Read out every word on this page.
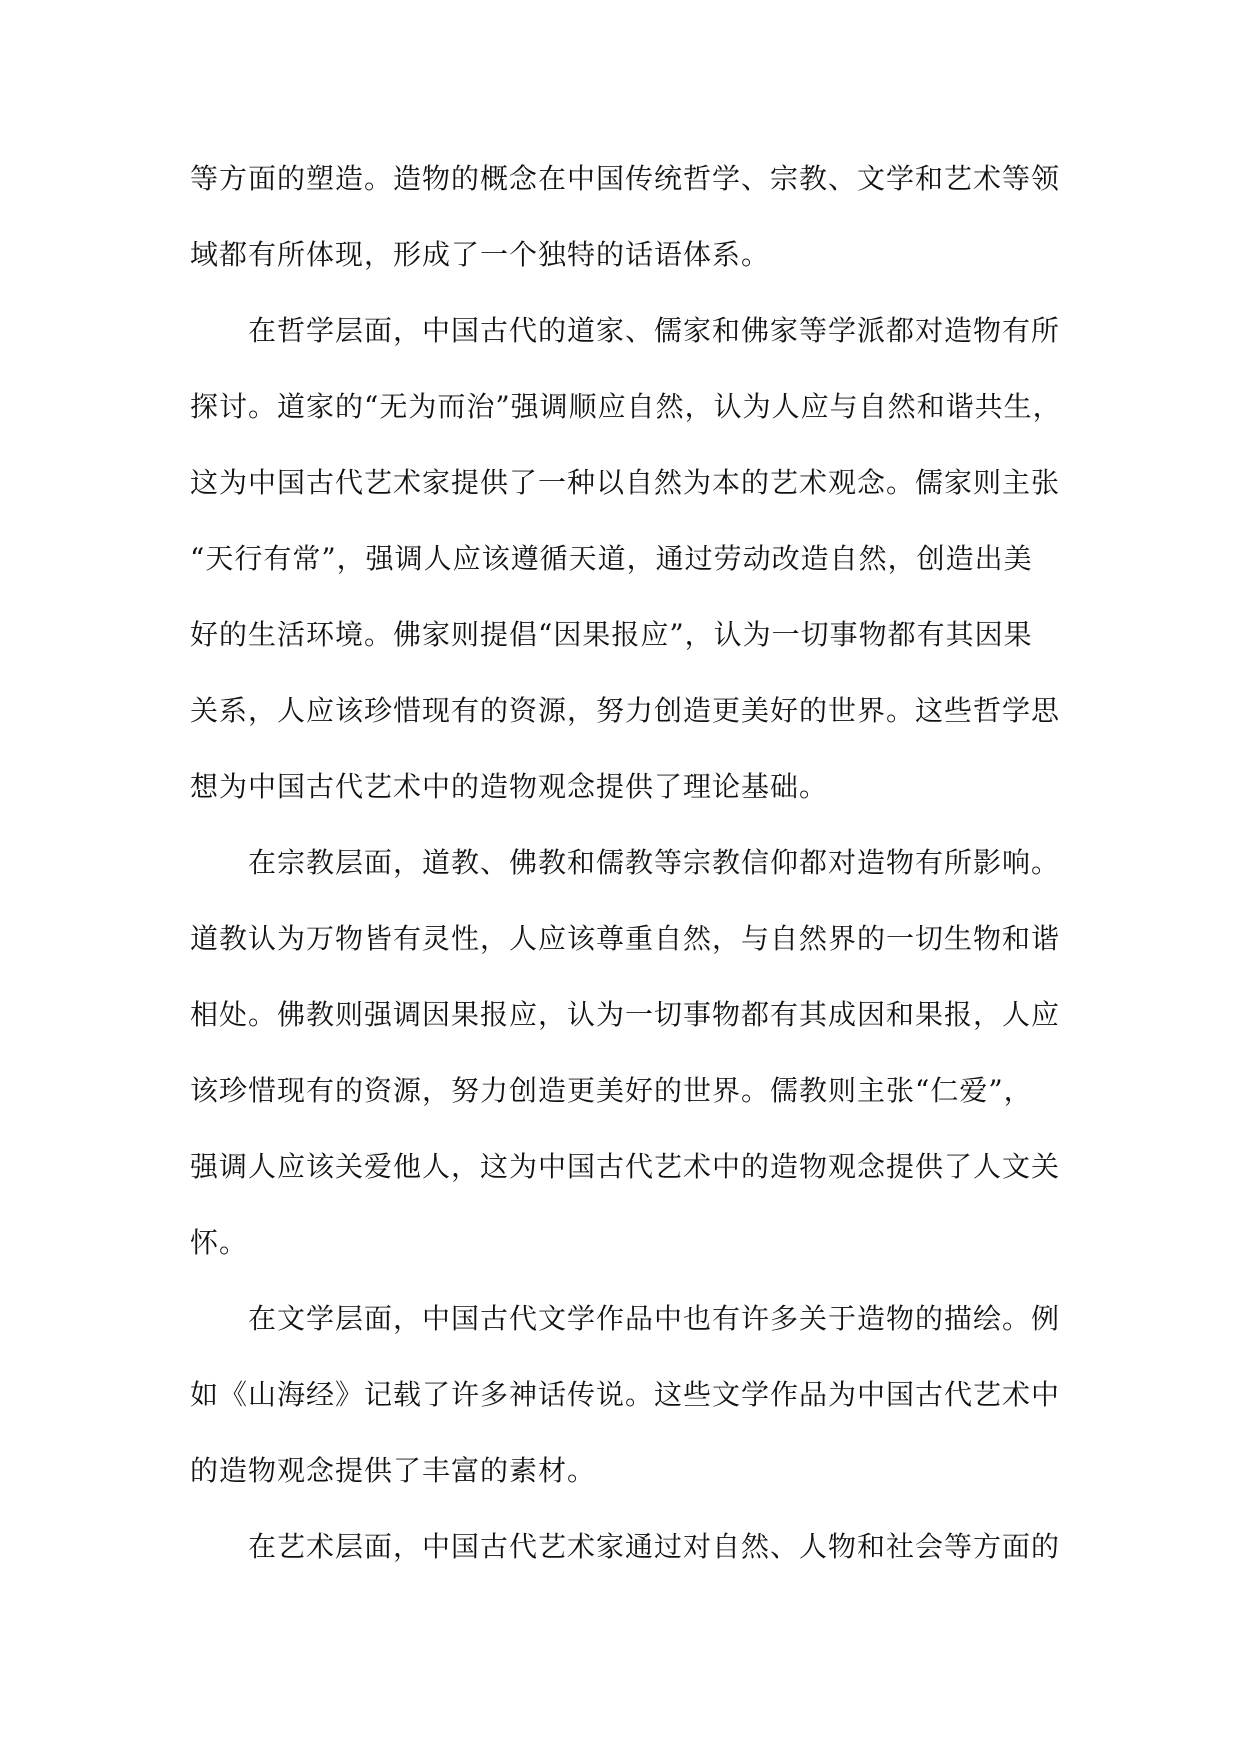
等方面的塑造。造物的概念在中国传统哲学、宗教、文学和艺术等领
域都有所体现，形成了一个独特的话语体系。
在哲学层面，中国古代的道家、儒家和佛家等学派都对造物有所
探讨。道家的“无为而治”强调顺应自然，认为人应与自然和谐共生，
这为中国古代艺术家提供了一种以自然为本的艺术观念。儒家则主张
“天行有常”，强调人应该遵循天道，通过劳动改造自然，创造出美
好的生活环境。佛家则提倡“因果报应”，认为一切事物都有其因果
关系，人应该珍惜现有的资源，努力创造更美好的世界。这些哲学思
想为中国古代艺术中的造物观念提供了理论基础。
在宗教层面，道教、佛教和儒教等宗教信仰都对造物有所影响。
道教认为万物皆有灵性，人应该尊重自然，与自然界的一切生物和谐
相处。佛教则强调因果报应，认为一切事物都有其成因和果报，人应
该珍惜现有的资源，努力创造更美好的世界。儒教则主张“仁爱”，
强调人应该关爱他人，这为中国古代艺术中的造物观念提供了人文关
怀。
在文学层面，中国古代文学作品中也有许多关于造物的描绘。例
如《山海经》记载了许多神话传说。这些文学作品为中国古代艺术中
的造物观念提供了丰富的素材。
在艺术层面，中国古代艺术家通过对自然、人物和社会等方面的
